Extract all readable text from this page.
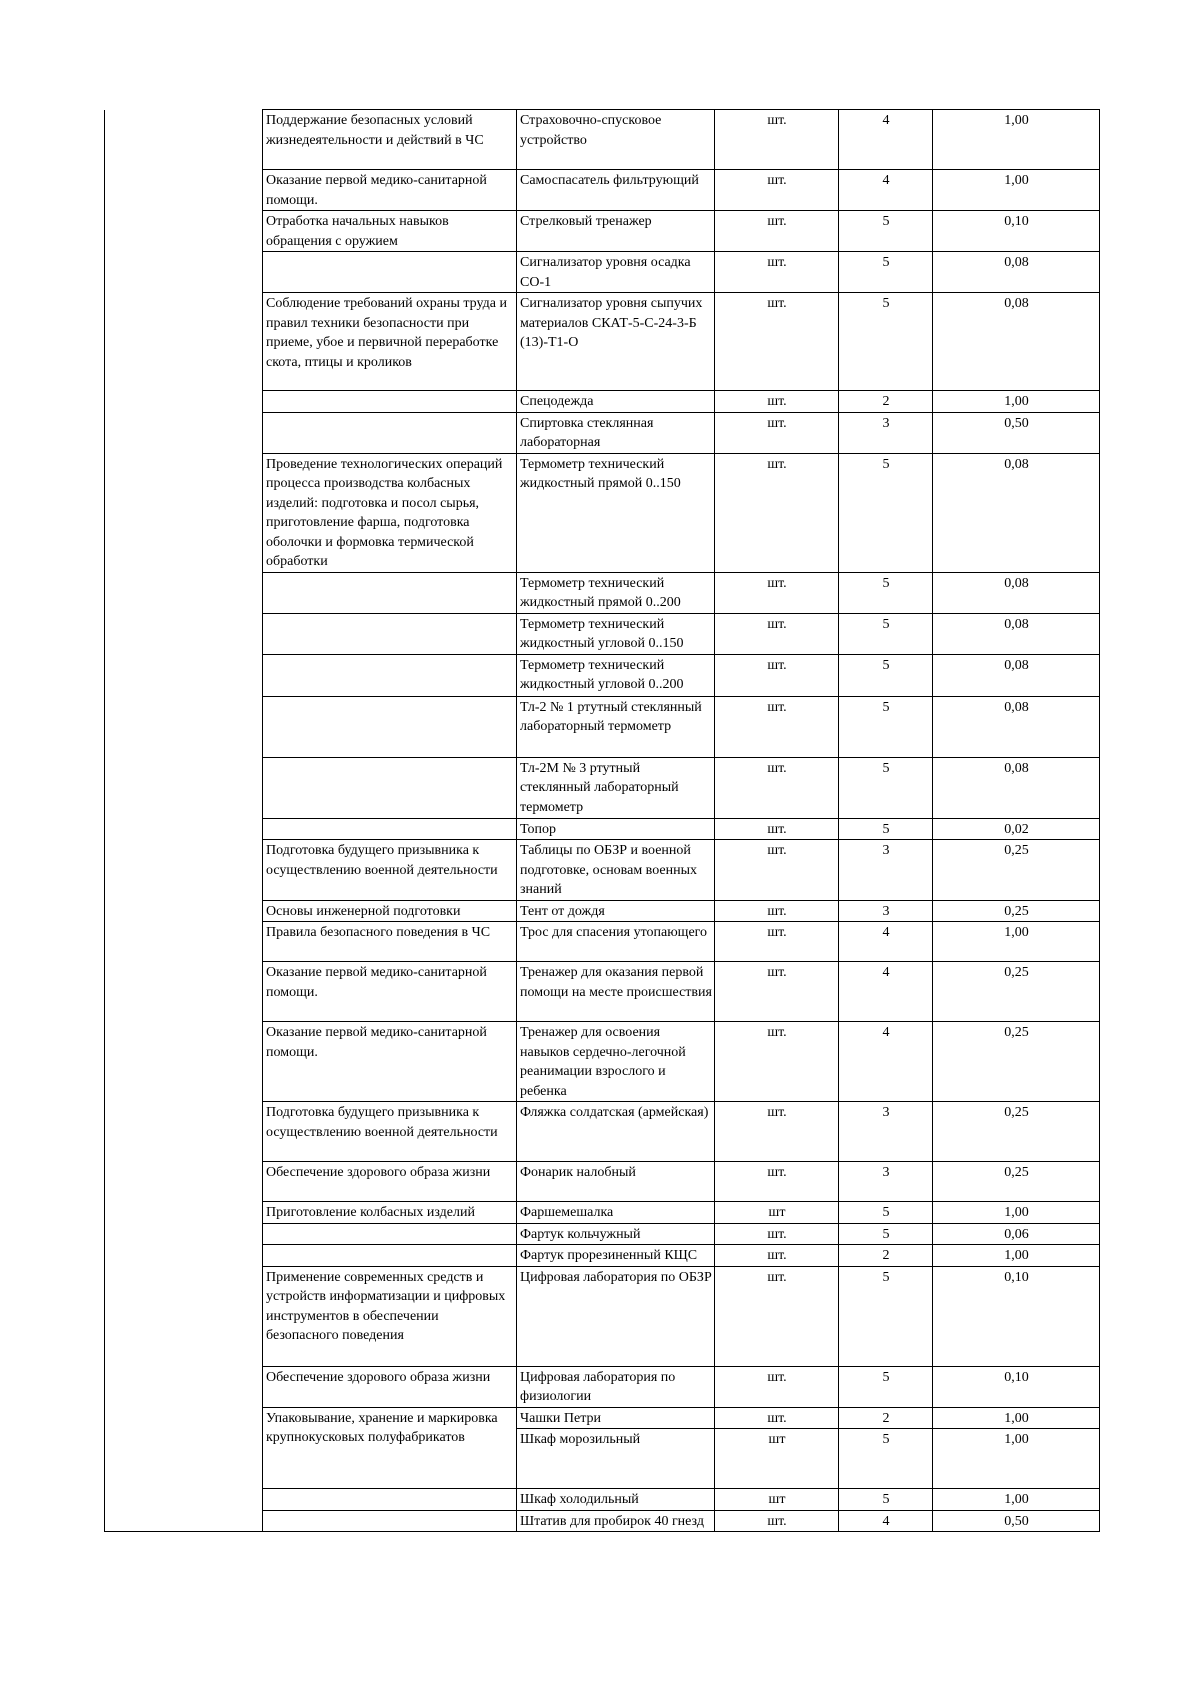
	Поддержание безопасных условий жизнедеятельности и действий в ЧС	Страховочно-спусковое устройство	шт.	4	1,00
	Оказание первой медико-санитарной помощи.	Самоспасатель фильтрующий	шт.	4	1,00
	Отработка начальных навыков обращения с оружием	Стрелковый тренажер	шт.	5	0,10
		Сигнализатор уровня осадка СО-1	шт.	5	0,08
	Соблюдение требований охраны труда и правил техники безопасности при приеме, убое и первичной переработке скота, птицы и кроликов	Сигнализатор уровня сыпучих материалов СКАТ-5-С-24-3-Б (13)-Т1-О	шт.	5	0,08
		Спецодежда	шт.	2	1,00
		Спиртовка стеклянная лабораторная	шт.	3	0,50
	Проведение технологических операций процесса производства колбасных изделий: подготовка и посол сырья, приготовление фарша, подготовка оболочки и формовка термической обработки	Термометр технический жидкостный прямой 0..150	шт.	5	0,08
		Термометр технический жидкостный прямой 0..200	шт.	5	0,08
		Термометр технический жидкостный угловой 0..150	шт.	5	0,08
		Термометр технический жидкостный угловой 0..200	шт.	5	0,08
		Тл-2 № 1 ртутный стеклянный лабораторный термометр	шт.	5	0,08
		Тл-2М № 3 ртутный стеклянный лабораторный термометр	шт.	5	0,08
		Топор	шт.	5	0,02
	Подготовка будущего призывника к осуществлению военной деятельности	Таблицы по ОБЗР и военной подготовке, основам военных знаний	шт.	3	0,25
	Основы инженерной подготовки	Тент от дождя	шт.	3	0,25
	Правила безопасного поведения в ЧС	Трос для спасения утопающего	шт.	4	1,00
	Оказание первой медико-санитарной помощи.	Тренажер для оказания первой помощи на месте происшествия	шт.	4	0,25
	Оказание первой медико-санитарной помощи.	Тренажер для освоения навыков сердечно-легочной реанимации взрослого и ребенка	шт.	4	0,25
	Подготовка будущего призывника к осуществлению военной деятельности	Фляжка солдатская (армейская)	шт.	3	0,25
	Обеспечение здорового образа жизни	Фонарик налобный	шт.	3	0,25
	Приготовление колбасных изделий	Фаршемешалка	шт	5	1,00
		Фартук кольчужный	шт.	5	0,06
		Фартук прорезиненный КЩС	шт.	2	1,00
	Применение современных средств и устройств информатизации и цифровых инструментов в обеспечении безопасного поведения	Цифровая лаборатория по ОБЗР	шт.	5	0,10
	Обеспечение здорового образа жизни	Цифровая лаборатория по физиологии	шт.	5	0,10
	Упаковывание, хранение и маркировка крупнокусковых полуфабрикатов	Чашки Петри	шт.	2	1,00
		Шкаф морозильный	шт	5	1,00
		Шкаф холодильный	шт	5	1,00
		Штатив для пробирок 40 гнезд	шт.	4	0,50
